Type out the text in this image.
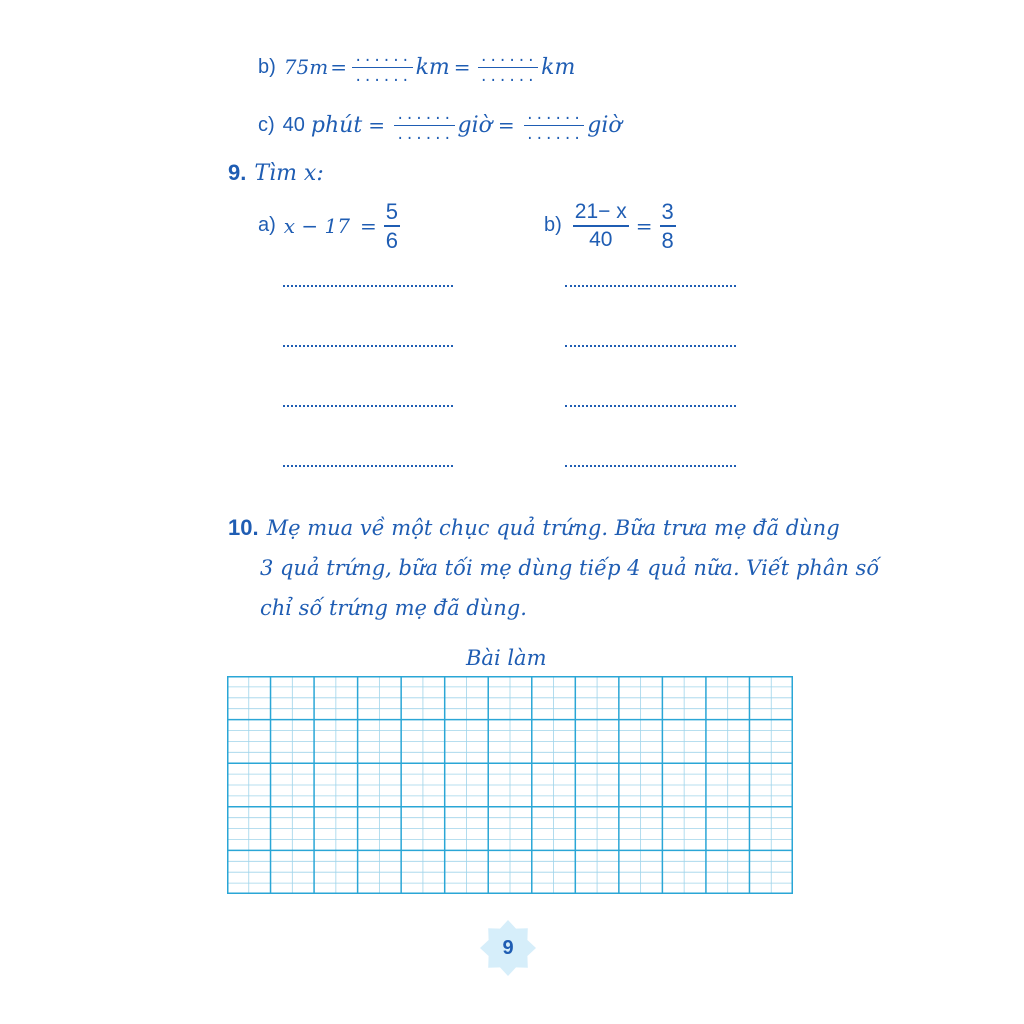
b) $75m = \frac{......}{......}$ km = $\frac{......}{......}$ km
c) 40 phút = $\frac{......}{......}$ giờ = $\frac{......}{......}$ giờ
9. Tìm x:
a) $x - 17 = \frac{5}{6}$	$b) \frac{21- x}{40} = \frac{3}{8}$
10. Mẹ mua về một chục quả trứng. Bữa trưa mẹ đã dùng
3 quả trứng, bữa tối mẹ dùng tiếp 4 quả nữa. Viết phân số
chỉ số trứng mẹ đã dùng.
Bài làm
9
